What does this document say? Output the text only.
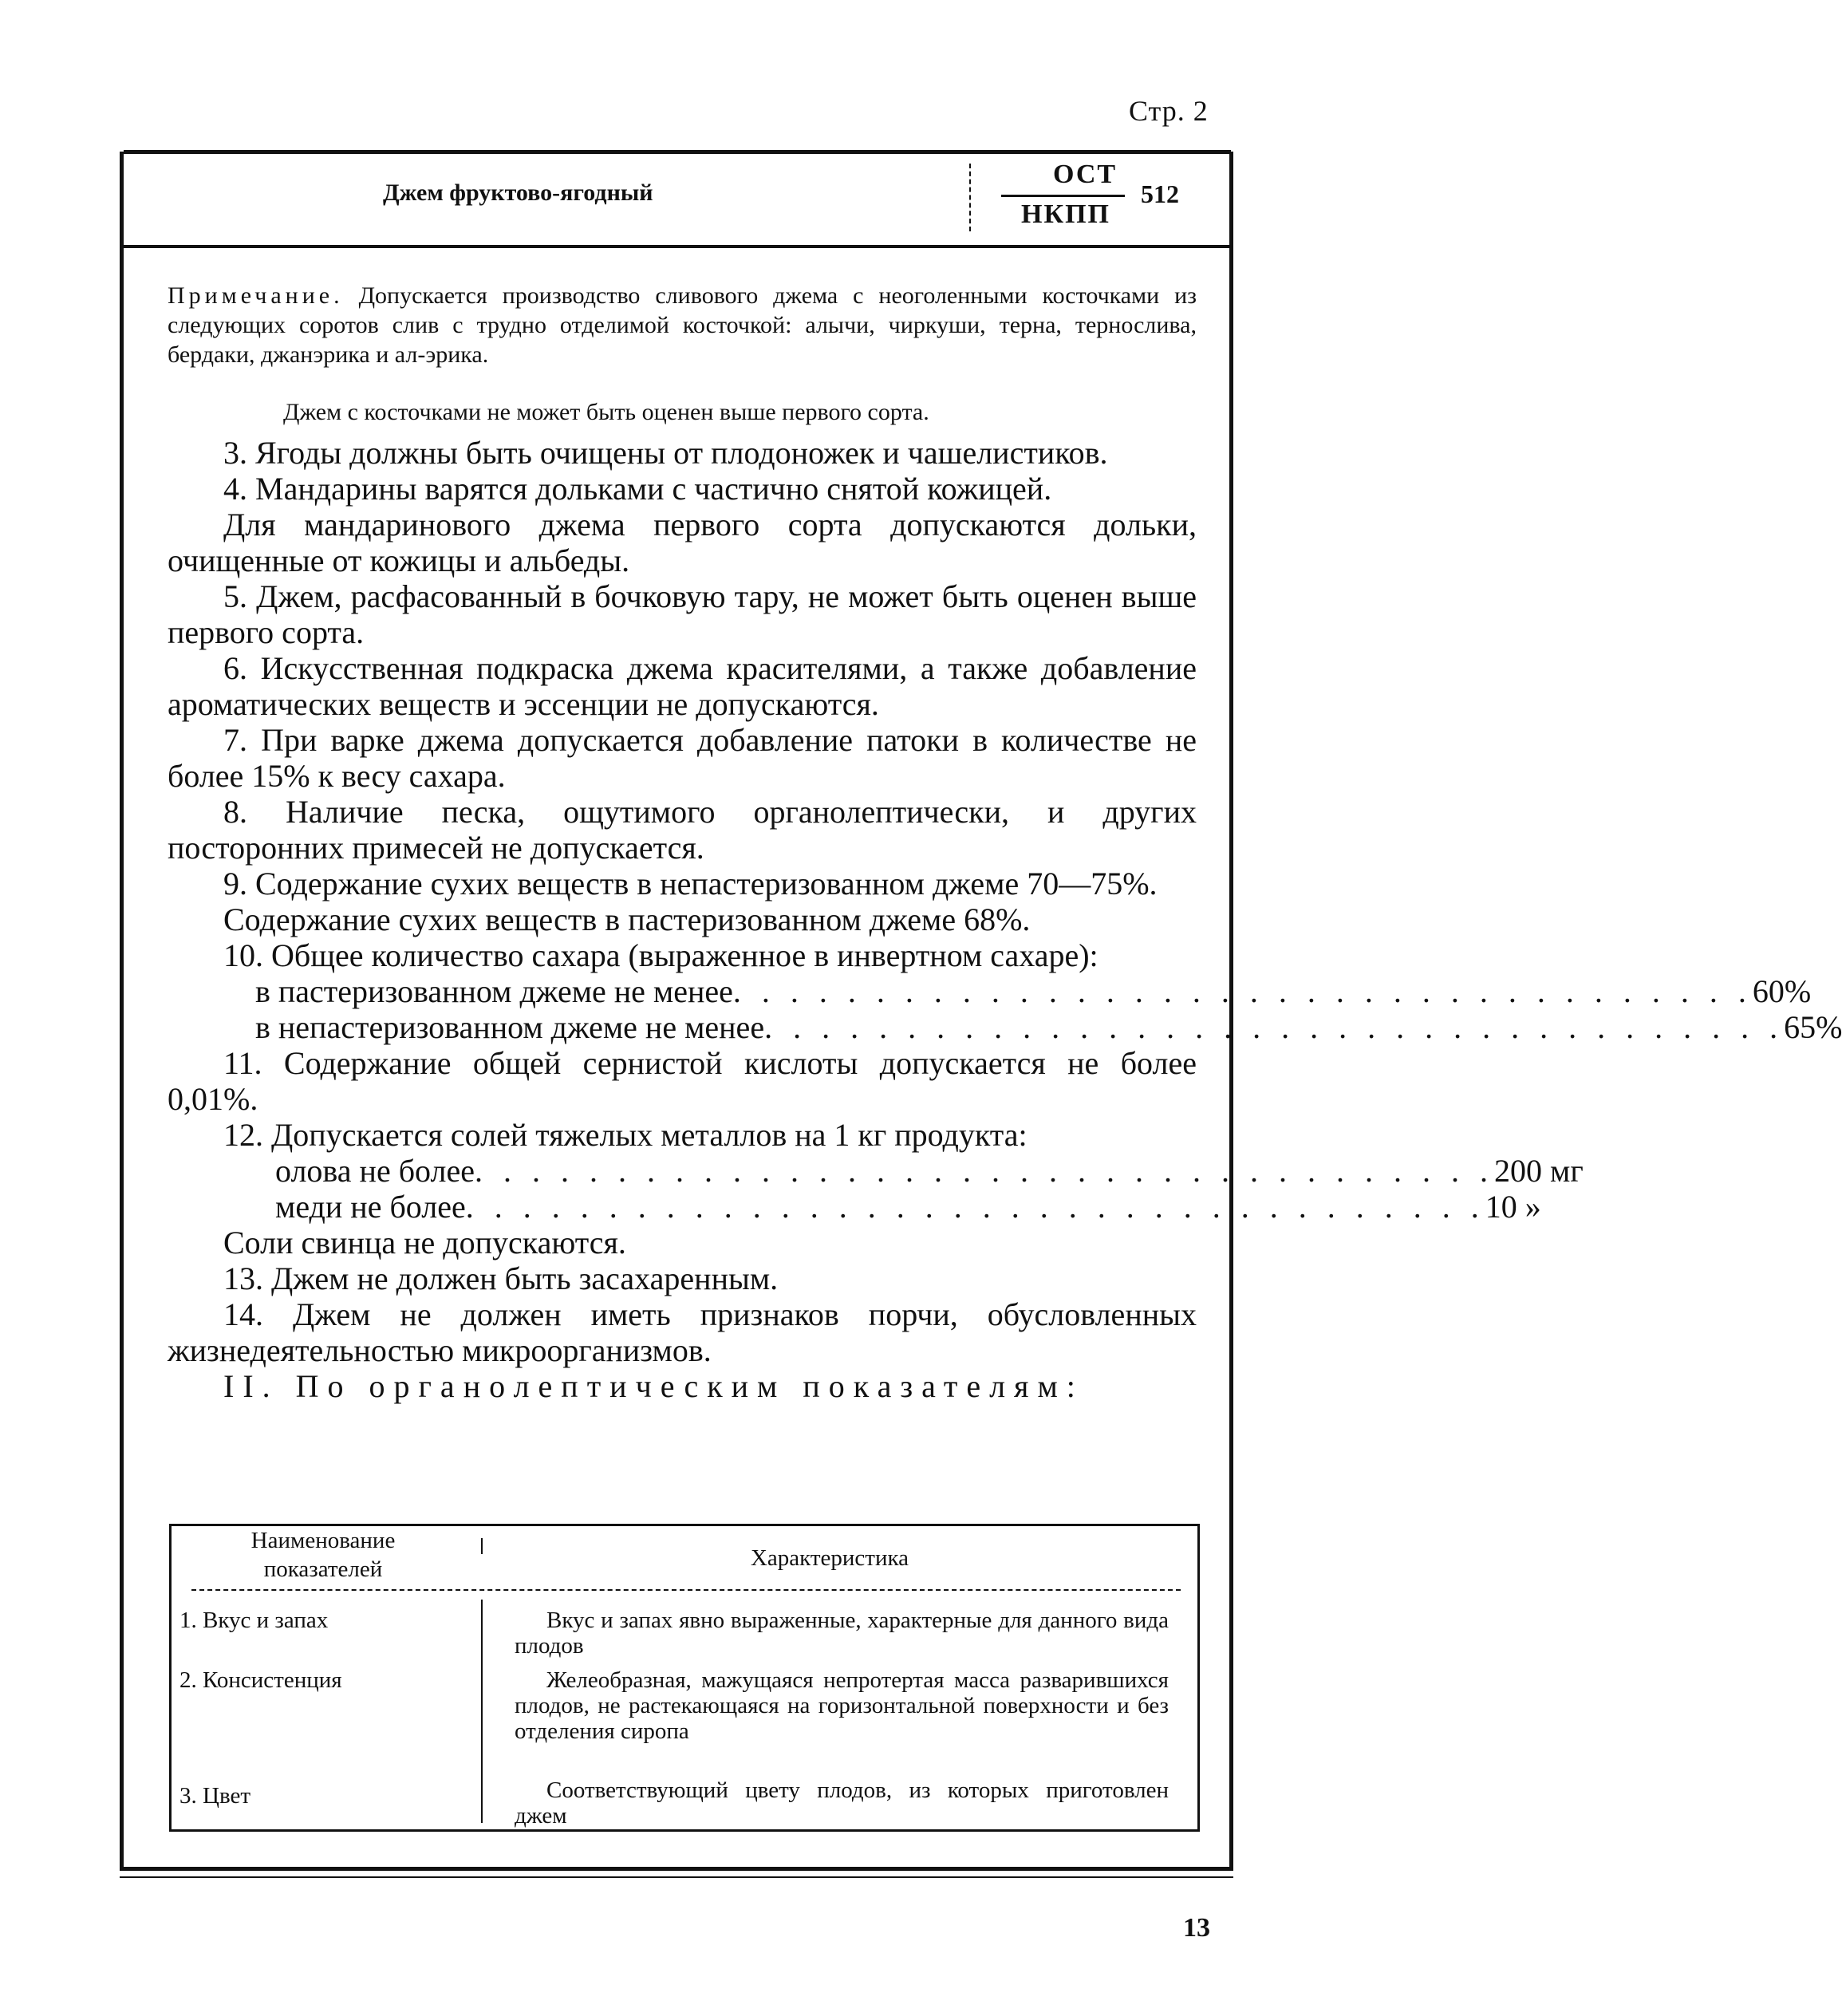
Стр. 2
Джем фруктово-ягодный
ОСТ
НКПП
512
Примечание. Допускается производство сливового джема с неоголенными косточками из следующих соротов слив с трудно отделимой косточкой: алычи, чиркуши, терна, тернослива, бердаки, джанэрика и ал-эрика.
Джем с косточками не может быть оценен выше первого сорта.

3. Ягоды должны быть очищены от плодоножек и чашелистиков.

4. Мандарины варятся дольками с частично снятой кожицей.

Для мандаринового джема первого сорта допускаются дольки, очищенные от кожицы и альбеды.

5. Джем, расфасованный в бочковую тару, не может быть оценен выше первого сорта.

6. Искусственная подкраска джема красителями, а также добавление ароматических веществ и эссенции не допускаются.

7. При варке джема допускается добавление патоки в количестве не более 15% к весу сахара.

8. Наличие песка, ощутимого органолептически, и других посторонних примесей не допускается.

9. Содержание сухих веществ в непастеризованном джеме 70—75%.

Содержание сухих веществ в пастеризованном джеме 68%.

10. Общее количество сахара (выраженное в инвертном сахаре):

в пастеризованном джеме не менее . . . . . . . . . . . . . . . . . . . . . . . . . . . . . . . . . . . . 60%
в непастеризованном джеме не менее . . . . . . . . . . . . . . . . . . . . . . . . . . . . . . . . . . . . 65%

11. Содержание общей сернистой кислоты допускается не более 0,01%.

12. Допускается солей тяжелых металлов на 1 кг продукта:

олова не более . . . . . . . . . . . . . . . . . . . . . . . . . . . . . . . . . . . . 200 мг
меди не более . . . . . . . . . . . . . . . . . . . . . . . . . . . . . . . . . . . . 10 »

Соли свинца не допускаются.

13. Джем не должен быть засахаренным.

14. Джем не должен иметь признаков порчи, обусловленных жизнедеятельностью микроорганизмов.

II. По органолептическим показателям:

Наименование показателей	Характеристика
1. Вкус и запах	Вкус и запах явно выраженные, характерные для данного вида плодов
2. Консистенция	Желеобразная, мажущаяся непротертая масса разварившихся плодов, не растекающаяся на горизонтальной поверхности и без отделения сиропа
3. Цвет	Соответствующий цвету плодов, из которых приготовлен джем
13
